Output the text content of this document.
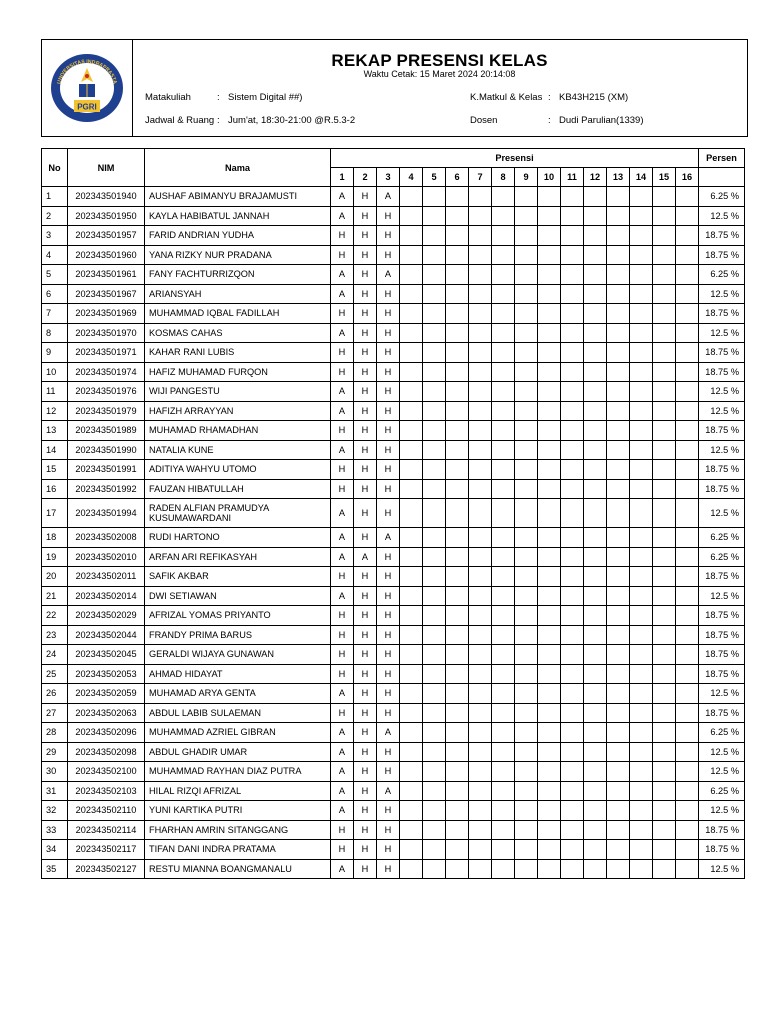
UNIVERSITAS INDRAPRASTA
PGRI
REKAP PRESENSI KELAS
Waktu Cetak: 15 Maret 2024 20:14:08
Matakuliah	: Sistem Digital ##)	K.Matkul & Kelas : KB43H215 (XM)
Jadwal & Ruang : Jum'at, 18:30-21:00 @R.5.3-2	Dosen	: Dudi Parulian(1339)
No	NIM	Nama	Presensi																Persen
			1	2	3	4	5	6	7	8	9	10	11	12	13	14	15	16	
1	202343501940	AUSHAF ABIMANYU BRAJAMUSTI	A	H	A														6.25 %
2	202343501950	KAYLA HABIBATUL JANNAH	A	H	H														12.5 %
3	202343501957	FARID ANDRIAN YUDHA	H	H	H														18.75 %
4	202343501960	YANA RIZKY NUR PRADANA	H	H	H														18.75 %
5	202343501961	FANY FACHTURRIZQON	A	H	A														6.25 %
6	202343501967	ARIANSYAH	A	H	H														12.5 %
7	202343501969	MUHAMMAD IQBAL FADILLAH	H	H	H														18.75 %
8	202343501970	KOSMAS CAHAS	A	H	H														12.5 %
9	202343501971	KAHAR RANI LUBIS	H	H	H														18.75 %
10	202343501974	HAFIZ MUHAMAD FURQON	H	H	H														18.75 %
11	202343501976	WIJI PANGESTU	A	H	H														12.5 %
12	202343501979	HAFIZH ARRAYYAN	A	H	H														12.5 %
13	202343501989	MUHAMAD RHAMADHAN	H	H	H														18.75 %
14	202343501990	NATALIA KUNE	A	H	H														12.5 %
15	202343501991	ADITIYA WAHYU UTOMO	H	H	H														18.75 %
16	202343501992	FAUZAN HIBATULLAH	H	H	H														18.75 %
17	202343501994	RADEN ALFIAN PRAMUDYA KUSUMAWARDANI	A	H	H														12.5 %
18	202343502008	RUDI HARTONO	A	H	A														6.25 %
19	202343502010	ARFAN ARI REFIKASYAH	A	A	H														6.25 %
20	202343502011	SAFIK AKBAR	H	H	H														18.75 %
21	202343502014	DWI SETIAWAN	A	H	H														12.5 %
22	202343502029	AFRIZAL YOMAS PRIYANTO	H	H	H														18.75 %
23	202343502044	FRANDY PRIMA BARUS	H	H	H														18.75 %
24	202343502045	GERALDI WIJAYA GUNAWAN	H	H	H														18.75 %
25	202343502053	AHMAD HIDAYAT	H	H	H														18.75 %
26	202343502059	MUHAMAD ARYA GENTA	A	H	H														12.5 %
27	202343502063	ABDUL LABIB SULAEMAN	H	H	H														18.75 %
28	202343502096	MUHAMMAD AZRIEL GIBRAN	A	H	A														6.25 %
29	202343502098	ABDUL GHADIR UMAR	A	H	H														12.5 %
30	202343502100	MUHAMMAD RAYHAN DIAZ PUTRA	A	H	H														12.5 %
31	202343502103	HILAL RIZQI AFRIZAL	A	H	A														6.25 %
32	202343502110	YUNI KARTIKA PUTRI	A	H	H														12.5 %
33	202343502114	FHARHAN AMRIN SITANGGANG	H	H	H														18.75 %
34	202343502117	TIFAN DANI INDRA PRATAMA	H	H	H														18.75 %
35	202343502127	RESTU MIANNA BOANGMANALU	A	H	H														12.5 %
